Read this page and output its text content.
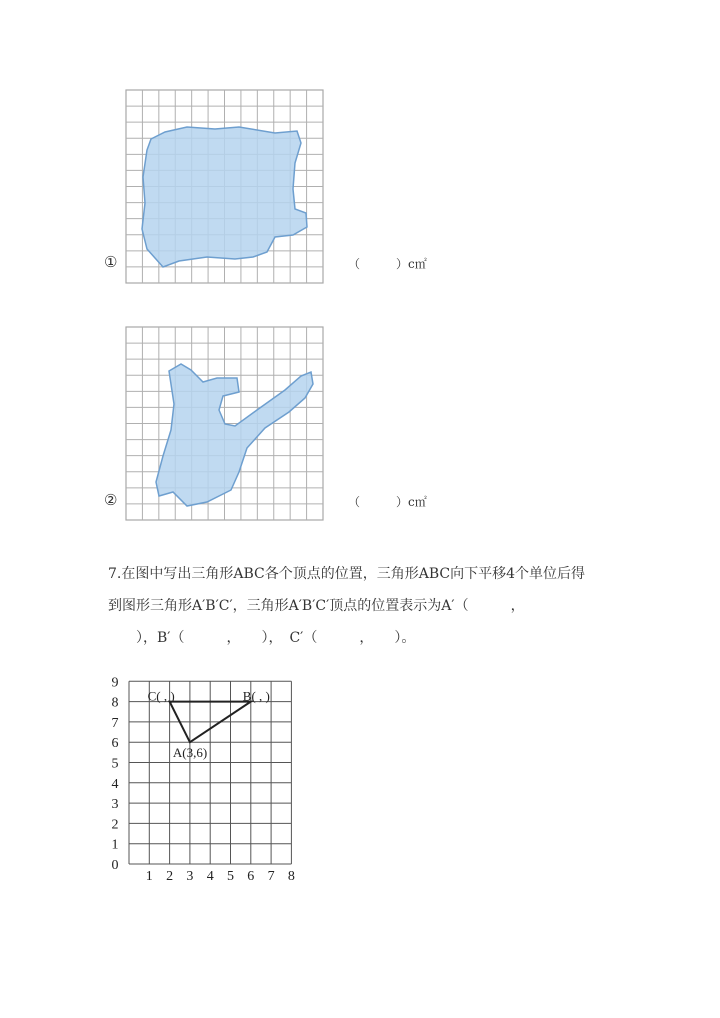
①	（　　　）c㎡
②	（　　　）c㎡
7.在图中写出三角形ABC各个顶点的位置，三角形ABC向下平移4个单位后得
到图形三角形A′B′C′，三角形A′B′C′顶点的位置表示为A′（　　　，
　　），B′（　　　，　　），　C′（　　　，　　）。
9
8
7
6
5
4
3
2
1
0
1 2 3 4 5 6 7 8
C( , )	B( , )
A(3,6)
